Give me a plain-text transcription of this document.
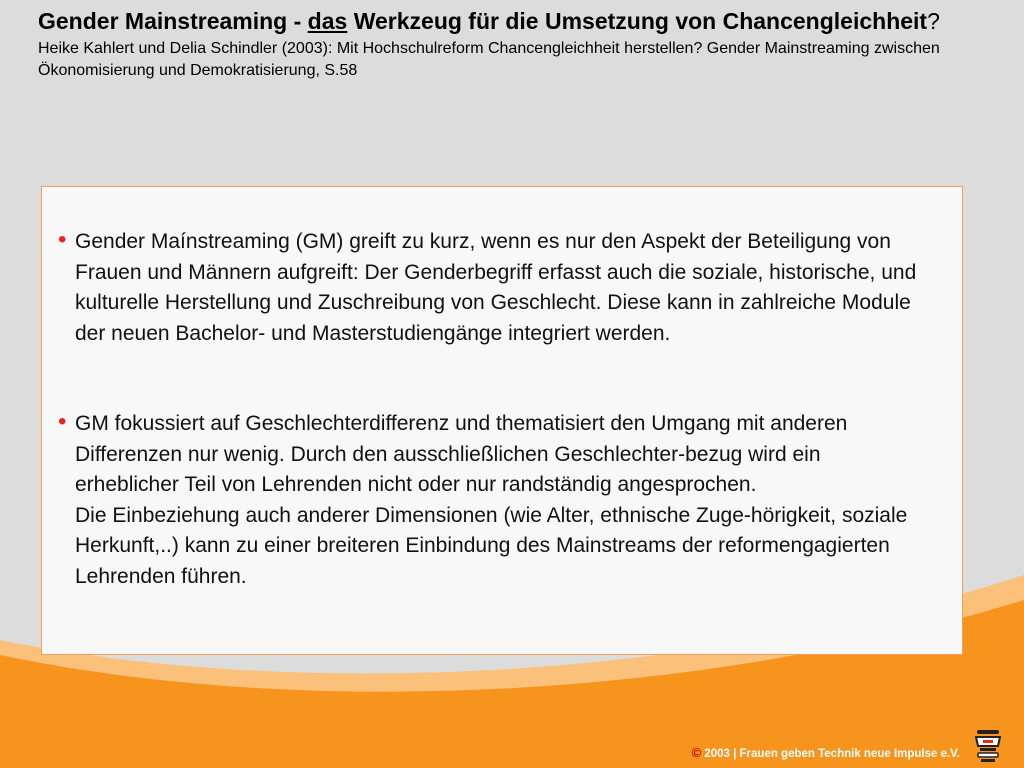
Gender Mainstreaming - das Werkzeug für die Umsetzung von Chancengleichheit?

Heike Kahlert und Delia Schindler (2003): Mit Hochschulreform Chancengleichheit herstellen? Gender Mainstreaming zwischen Ökonomisierung und Demokratisierung, S.58

• Gender Maínstreaming (GM) greift zu kurz, wenn es nur den Aspekt der Beteiligung von Frauen und Männern aufgreift: Der Genderbegriff erfasst auch die soziale, historische, und kulturelle Herstellung und Zuschreibung von Geschlecht. Diese kann in zahlreiche Module der neuen Bachelor- und Masterstudiengänge integriert werden.
• GM fokussiert auf Geschlechterdifferenz und thematisiert den Umgang mit anderen Differenzen nur wenig. Durch den ausschließlichen Geschlechter-bezug wird ein erheblicher Teil von Lehrenden nicht oder nur randständig angesprochen.
Die Einbeziehung auch anderer Dimensionen (wie Alter, ethnische Zuge-hörigkeit, soziale Herkunft,..) kann zu einer breiteren Einbindung des Mainstreams der reformengagierten Lehrenden führen.
© 2003 | Frauen geben Technik neue Impulse e.V.
